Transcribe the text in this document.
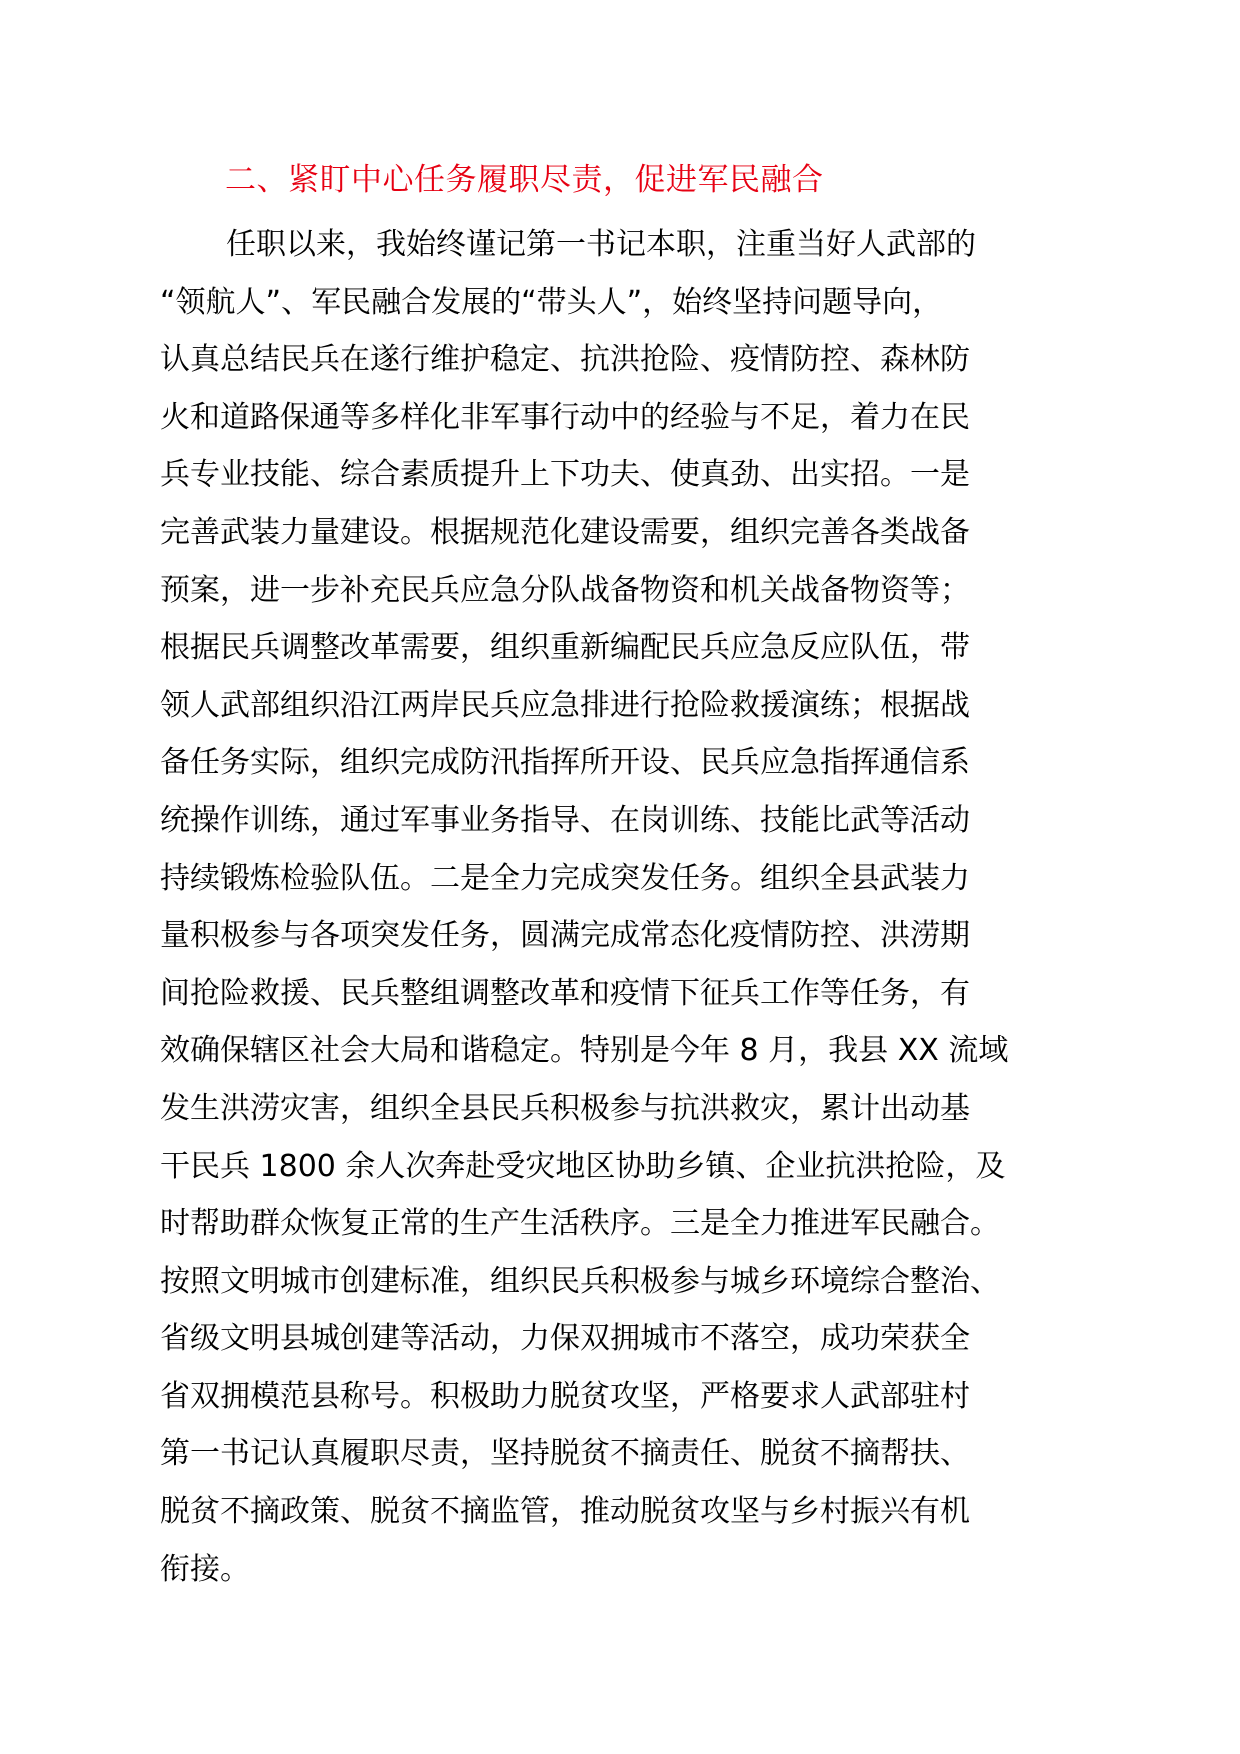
二、紧盯中心任务履职尽责，促进军民融合
任职以来，我始终谨记第一书记本职，注重当好人武部的
“领航人”、军民融合发展的“带头人”，始终坚持问题导向，
认真总结民兵在遂行维护稳定、抗洪抢险、疫情防控、森林防
火和道路保通等多样化非军事行动中的经验与不足，着力在民
兵专业技能、综合素质提升上下功夫、使真劲、出实招。一是
完善武装力量建设。根据规范化建设需要，组织完善各类战备
预案，进一步补充民兵应急分队战备物资和机关战备物资等；
根据民兵调整改革需要，组织重新编配民兵应急反应队伍，带
领人武部组织沿江两岸民兵应急排进行抢险救援演练；根据战
备任务实际，组织完成防汛指挥所开设、民兵应急指挥通信系
统操作训练，通过军事业务指导、在岗训练、技能比武等活动
持续锻炼检验队伍。二是全力完成突发任务。组织全县武装力
量积极参与各项突发任务，圆满完成常态化疫情防控、洪涝期
间抢险救援、民兵整组调整改革和疫情下征兵工作等任务，有
效确保辖区社会大局和谐稳定。特别是今年 8 月，我县 XX 流域
发生洪涝灾害，组织全县民兵积极参与抗洪救灾，累计出动基
干民兵 1800 余人次奔赴受灾地区协助乡镇、企业抗洪抢险，及
时帮助群众恢复正常的生产生活秩序。三是全力推进军民融合。
按照文明城市创建标准，组织民兵积极参与城乡环境综合整治、
省级文明县城创建等活动，力保双拥城市不落空，成功荣获全
省双拥模范县称号。积极助力脱贫攻坚，严格要求人武部驻村
第一书记认真履职尽责，坚持脱贫不摘责任、脱贫不摘帮扶、
脱贫不摘政策、脱贫不摘监管，推动脱贫攻坚与乡村振兴有机
衔接。
